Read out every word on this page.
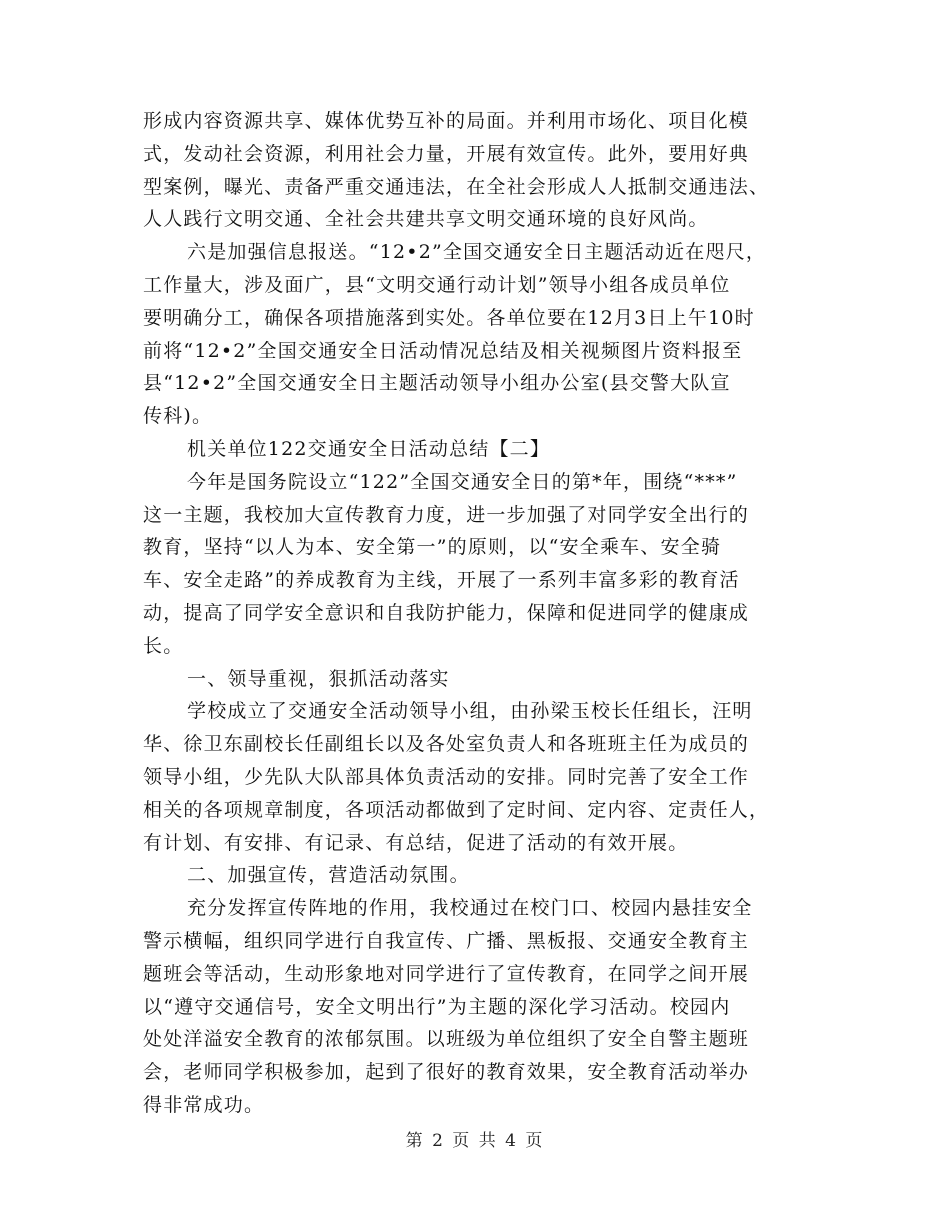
形成内容资源共享、媒体优势互补的局面。并利用市场化、项目化模
式，发动社会资源，利用社会力量，开展有效宣传。此外，要用好典
型案例，曝光、责备严重交通违法，在全社会形成人人抵制交通违法、
人人践行文明交通、全社会共建共享文明交通环境的良好风尚。
六是加强信息报送。“12•2”全国交通安全日主题活动近在咫尺，
工作量大，涉及面广，县“文明交通行动计划”领导小组各成员单位
要明确分工，确保各项措施落到实处。各单位要在12月3日上午10时
前将“12•2”全国交通安全日活动情况总结及相关视频图片资料报至
县“12•2”全国交通安全日主题活动领导小组办公室(县交警大队宣
传科)。
机关单位122交通安全日活动总结【二】
今年是国务院设立“122”全国交通安全日的第*年，围绕“***”
这一主题，我校加大宣传教育力度，进一步加强了对同学安全出行的
教育，坚持“以人为本、安全第一”的原则，以“安全乘车、安全骑
车、安全走路”的养成教育为主线，开展了一系列丰富多彩的教育活
动，提高了同学安全意识和自我防护能力，保障和促进同学的健康成
长。
一、领导重视，狠抓活动落实
学校成立了交通安全活动领导小组，由孙梁玉校长任组长，汪明
华、徐卫东副校长任副组长以及各处室负责人和各班班主任为成员的
领导小组，少先队大队部具体负责活动的安排。同时完善了安全工作
相关的各项规章制度，各项活动都做到了定时间、定内容、定责任人，
有计划、有安排、有记录、有总结，促进了活动的有效开展。
二、加强宣传，营造活动氛围。
充分发挥宣传阵地的作用，我校通过在校门口、校园内悬挂安全
警示横幅，组织同学进行自我宣传、广播、黑板报、交通安全教育主
题班会等活动，生动形象地对同学进行了宣传教育，在同学之间开展
以“遵守交通信号，安全文明出行”为主题的深化学习活动。校园内
处处洋溢安全教育的浓郁氛围。以班级为单位组织了安全自警主题班
会，老师同学积极参加，起到了很好的教育效果，安全教育活动举办
得非常成功。
第 2 页 共 4 页
